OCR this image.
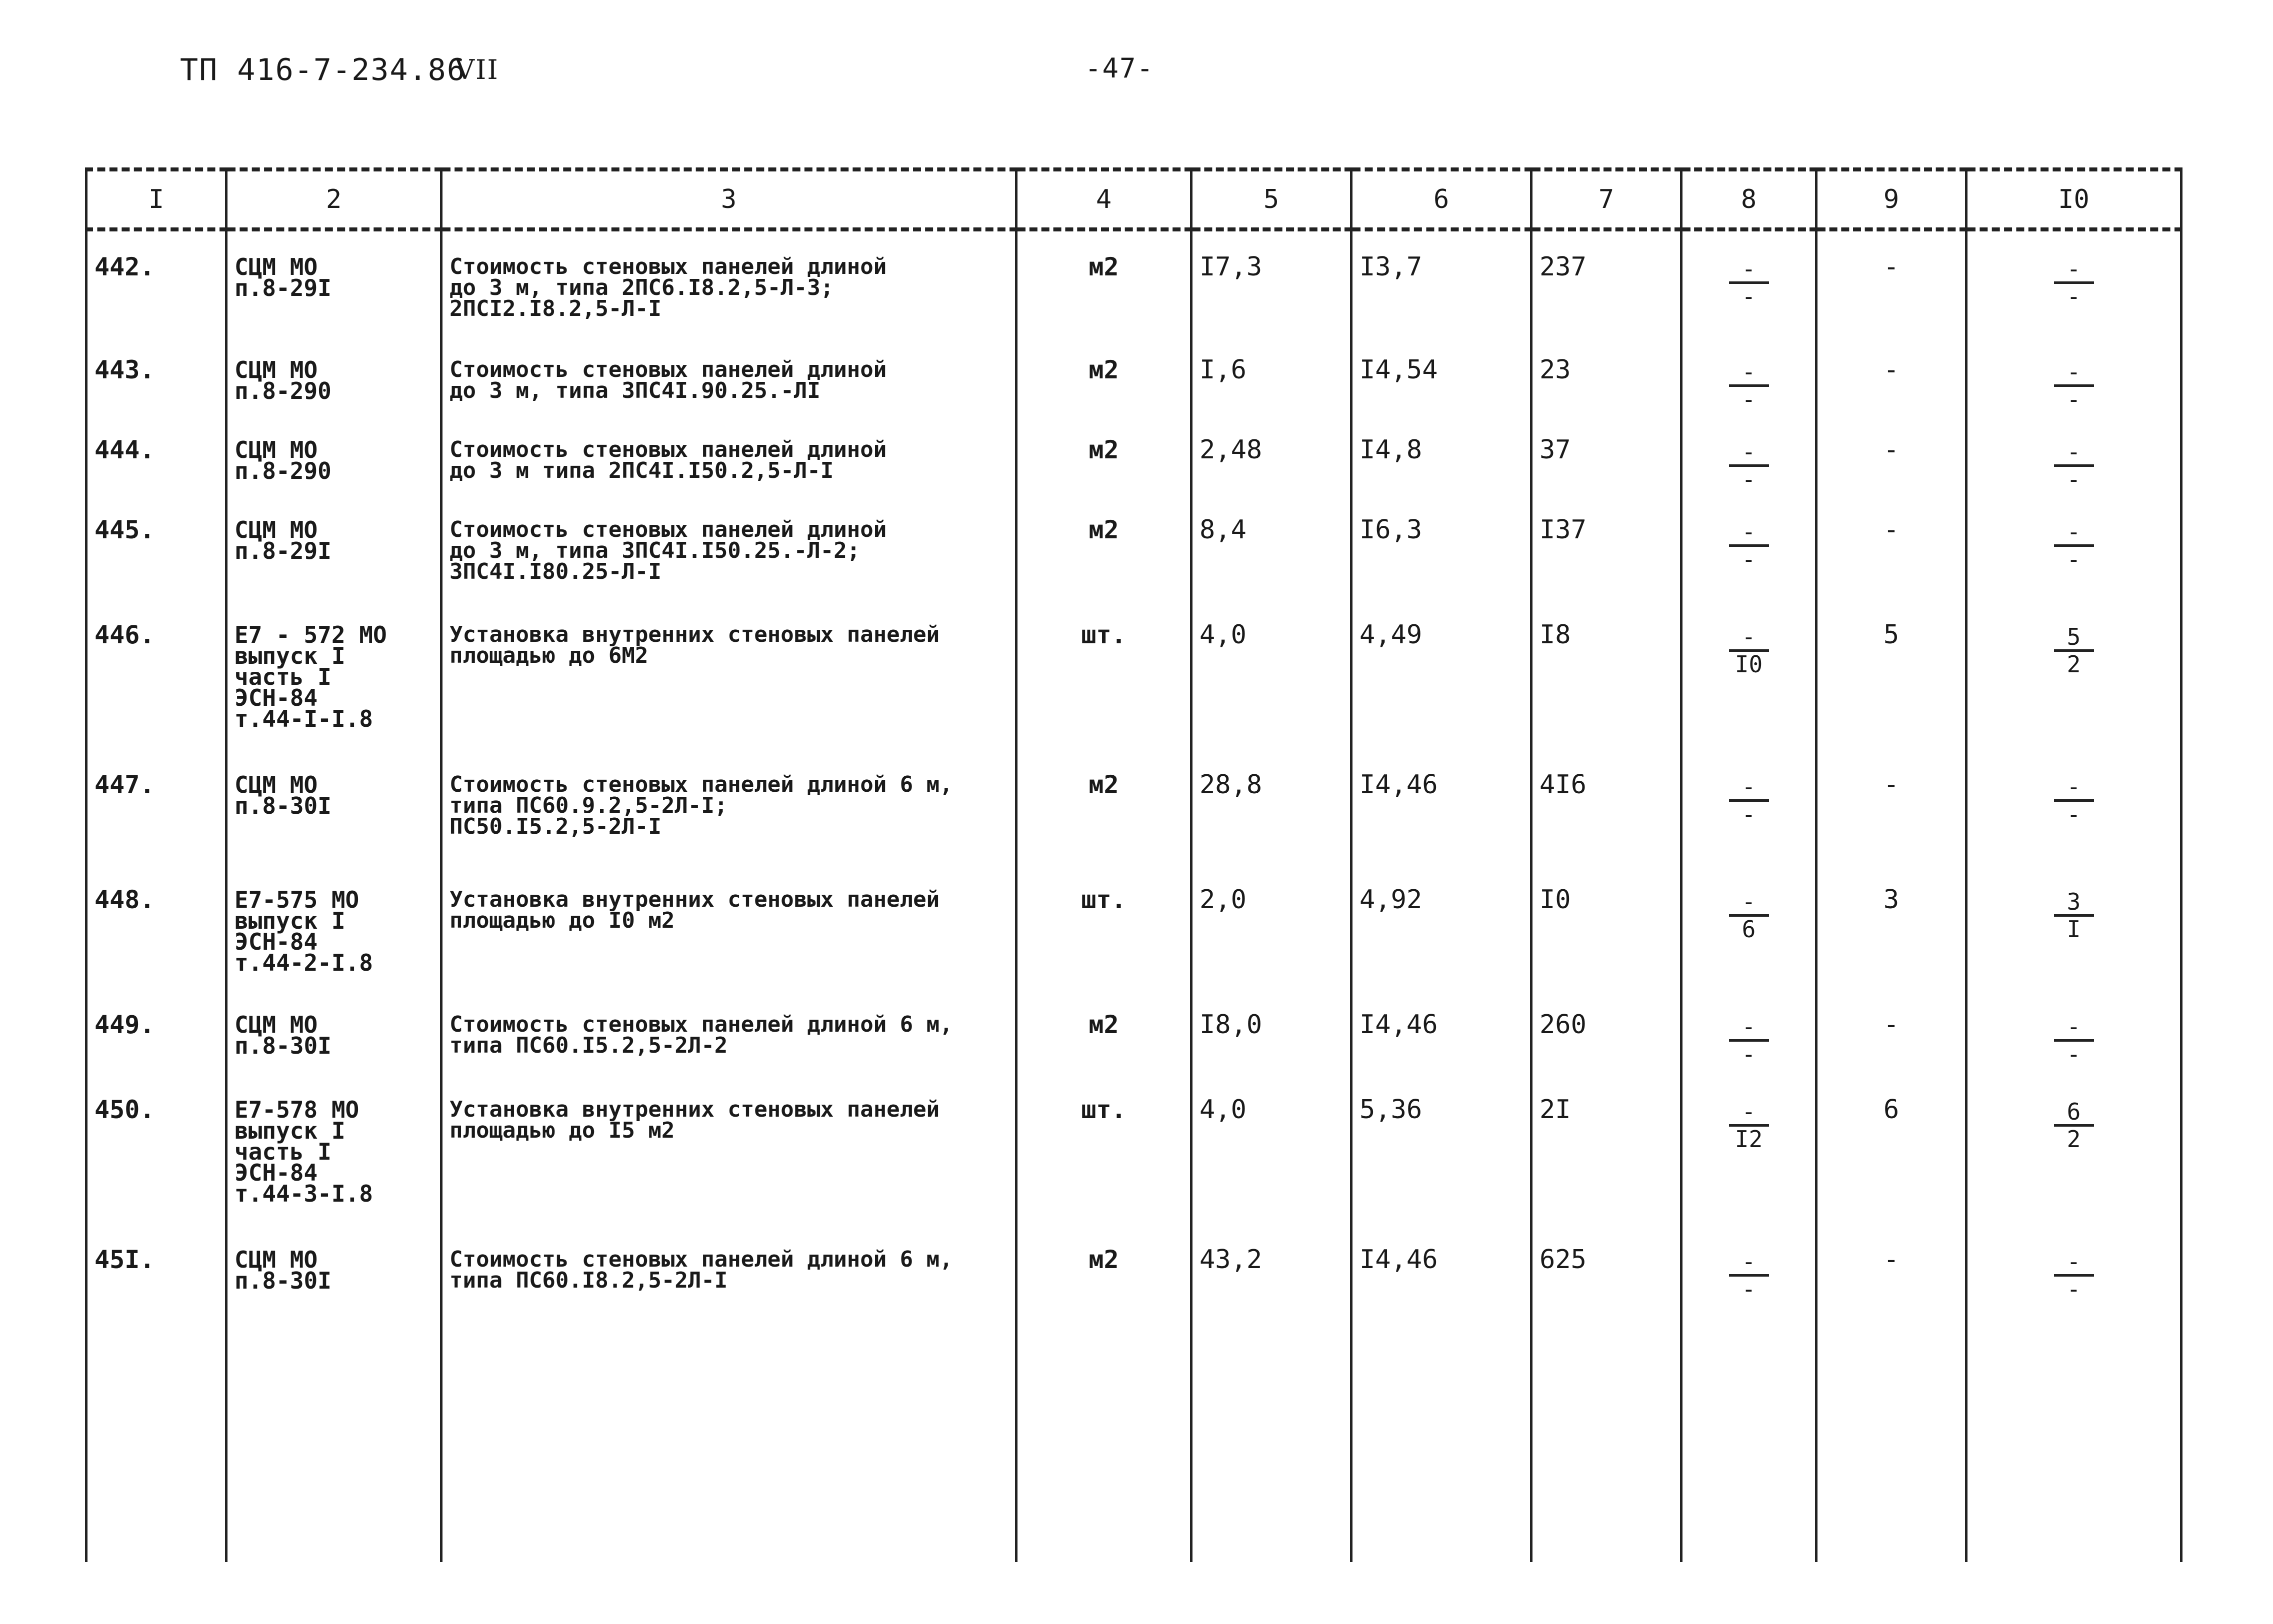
ТП 416-7-234.86
VII	-47-
I	2	3	4	5	6	7	8	9	I0
442.	СЦМ МО
п.8-29I	Стоимость стеновых панелей длиной
до 3 м, типа 2ПС6.I8.2,5-Л-3;
2ПСI2.I8.2,5-Л-I	м2	I7,3	I3,7	237	$\frac{-}{-}$	-	$\frac{-}{-}$

443.	СЦМ МО
п.8-290	Стоимость стеновых панелей длиной
до 3 м, типа 3ПС4I.90.25.-ЛI	м2	I,6	I4,54	23	$\frac{-}{-}$	-	$\frac{-}{-}$

444.	СЦМ МО
п.8-290	Стоимость стеновых панелей длиной
до 3 м типа 2ПС4I.I50.2,5-Л-I	м2	2,48	I4,8	37	$\frac{-}{-}$	-	$\frac{-}{-}$

445.	СЦМ МО
п.8-29I	Стоимость стеновых панелей длиной
до 3 м, типа 3ПС4I.I50.25.-Л-2;
3ПС4I.I80.25-Л-I	м2	8,4	I6,3	I37	$\frac{-}{-}$	-	$\frac{-}{-}$

446.	Е7 - 572 МО
выпуск I
часть I
ЭСН-84
т.44-I-I.8	Установка внутренних стеновых панелей
площадью до 6М2	шт.	4,0	4,49	I8	$\frac{-}{I0}$	5	$\frac{5}{2}$

447.	СЦМ МО
п.8-30I	Стоимость стеновых панелей длиной 6 м,
типа ПС60.9.2,5-2Л-I;
ПС50.I5.2,5-2Л-I	м2	28,8	I4,46	4I6	$\frac{-}{-}$	-	$\frac{-}{-}$

448.	Е7-575 МО
выпуск I
ЭСН-84
т.44-2-I.8	Установка внутренних стеновых панелей
площадью до I0 м2	шт.	2,0	4,92	I0	$\frac{-}{6}$	3	$\frac{3}{I}$

449.	СЦМ МО
п.8-30I	Стоимость стеновых панелей длиной 6 м,
типа ПС60.I5.2,5-2Л-2	м2	I8,0	I4,46	260	$\frac{-}{-}$	-	$\frac{-}{-}$

450.	Е7-578 МО
выпуск I
часть I
ЭСН-84
т.44-3-I.8	Установка внутренних стеновых панелей
площадью до I5 м2	шт.	4,0	5,36	2I	$\frac{-}{I2}$	6	$\frac{6}{2}$

45I.	СЦМ МО
п.8-30I	Стоимость стеновых панелей длиной 6 м,
типа ПС60.I8.2,5-2Л-I	м2	43,2	I4,46	625	$\frac{-}{-}$	-	$\frac{-}{-}$
